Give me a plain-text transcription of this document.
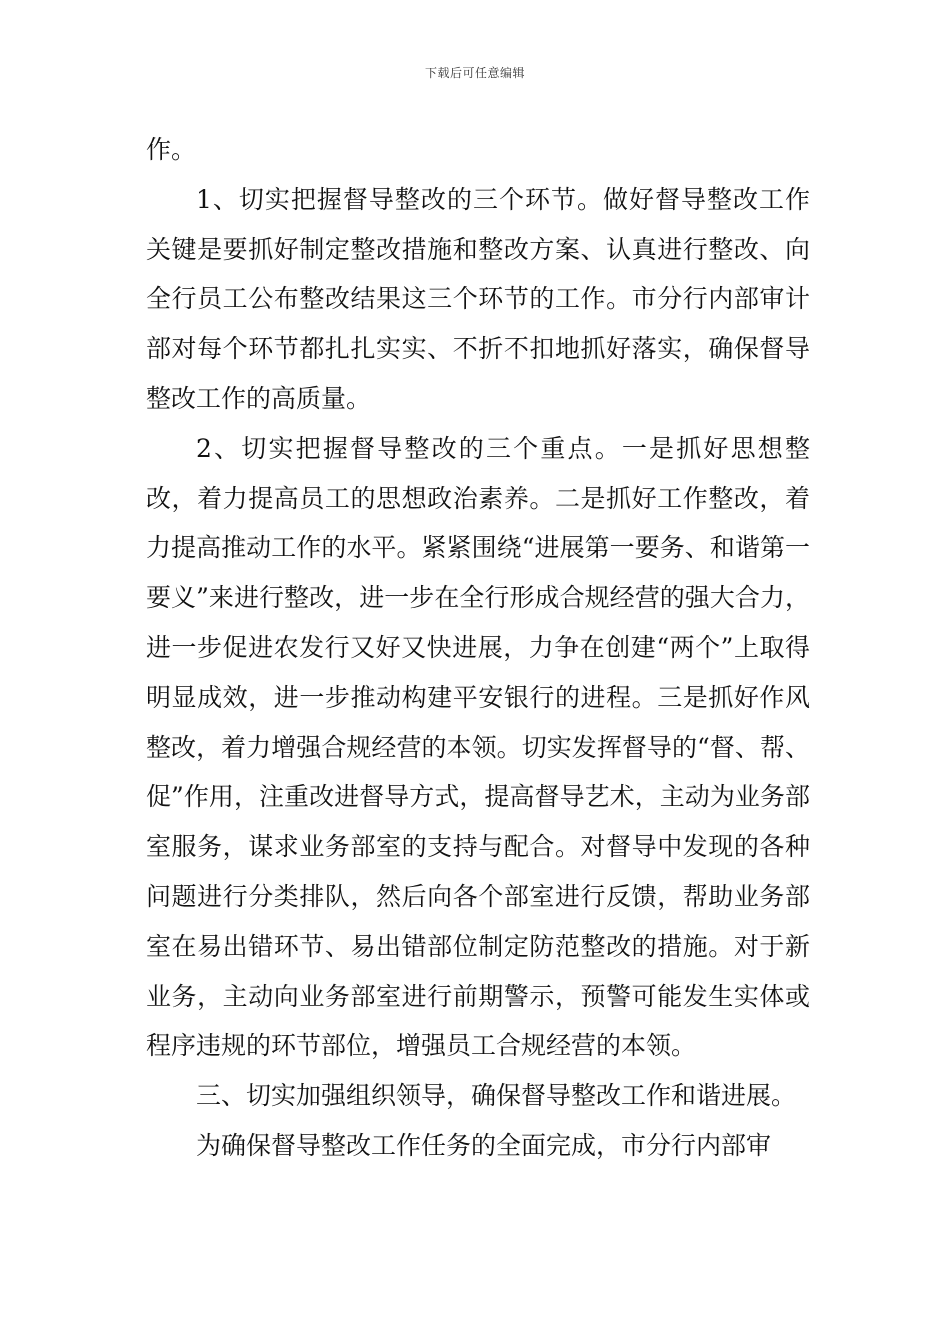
下载后可任意编辑

作。

1、切实把握督导整改的三个环节。做好督导整改工作关键是要抓好制定整改措施和整改方案、认真进行整改、向全行员工公布整改结果这三个环节的工作。市分行内部审计部对每个环节都扎扎实实、不折不扣地抓好落实，确保督导整改工作的高质量。

2、切实把握督导整改的三个重点。一是抓好思想整改，着力提高员工的思想政治素养。二是抓好工作整改，着力提高推动工作的水平。紧紧围绕“进展第一要务、和谐第一要义”来进行整改，进一步在全行形成合规经营的强大合力，进一步促进农发行又好又快进展，力争在创建“两个”上取得明显成效，进一步推动构建平安银行的进程。三是抓好作风整改，着力增强合规经营的本领。切实发挥督导的“督、帮、促”作用，注重改进督导方式，提高督导艺术，主动为业务部室服务，谋求业务部室的支持与配合。对督导中发现的各种问题进行分类排队，然后向各个部室进行反馈，帮助业务部室在易出错环节、易出错部位制定防范整改的措施。对于新业务，主动向业务部室进行前期警示，预警可能发生实体或程序违规的环节部位，增强员工合规经营的本领。

三、切实加强组织领导，确保督导整改工作和谐进展。

为确保督导整改工作任务的全面完成，市分行内部审
